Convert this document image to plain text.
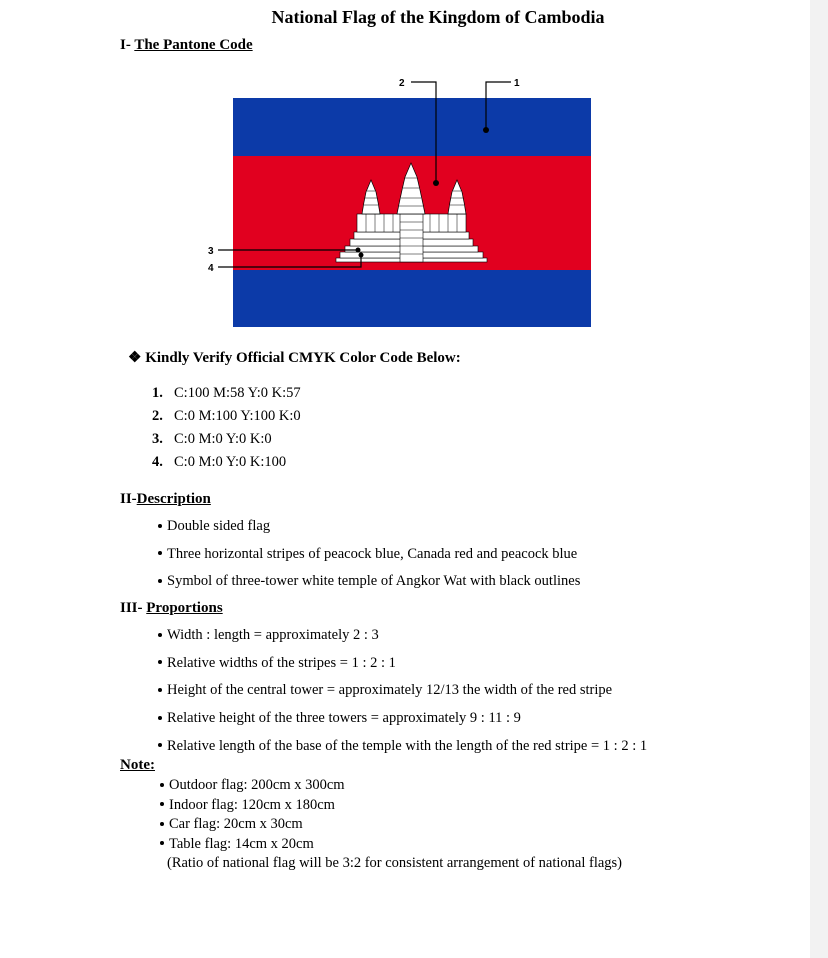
National Flag of the Kingdom of Cambodia
I- The Pantone Code
2	1
3
4
❖ Kindly Verify Official CMYK Color Code Below:
1. C:100 M:58 Y:0 K:57
2. C:0 M:100 Y:100 K:0
3. C:0 M:0 Y:0 K:0
4. C:0 M:0 Y:0 K:100
II-Description
Double sided flag
Three horizontal stripes of peacock blue, Canada red and peacock blue
Symbol of three-tower white temple of Angkor Wat with black outlines
III- Proportions
Width : length = approximately 2 : 3
Relative widths of the stripes = 1 : 2 : 1
Height of the central tower = approximately 12/13 the width of the red stripe
Relative height of the three towers = approximately 9 : 11 : 9
Relative length of the base of the temple with the length of the red stripe = 1 : 2 : 1
Note:
Outdoor flag: 200cm x 300cm
Indoor flag: 120cm x 180cm
Car flag: 20cm x 30cm
Table flag: 14cm x 20cm
(Ratio of national flag will be 3:2 for consistent arrangement of national flags)
